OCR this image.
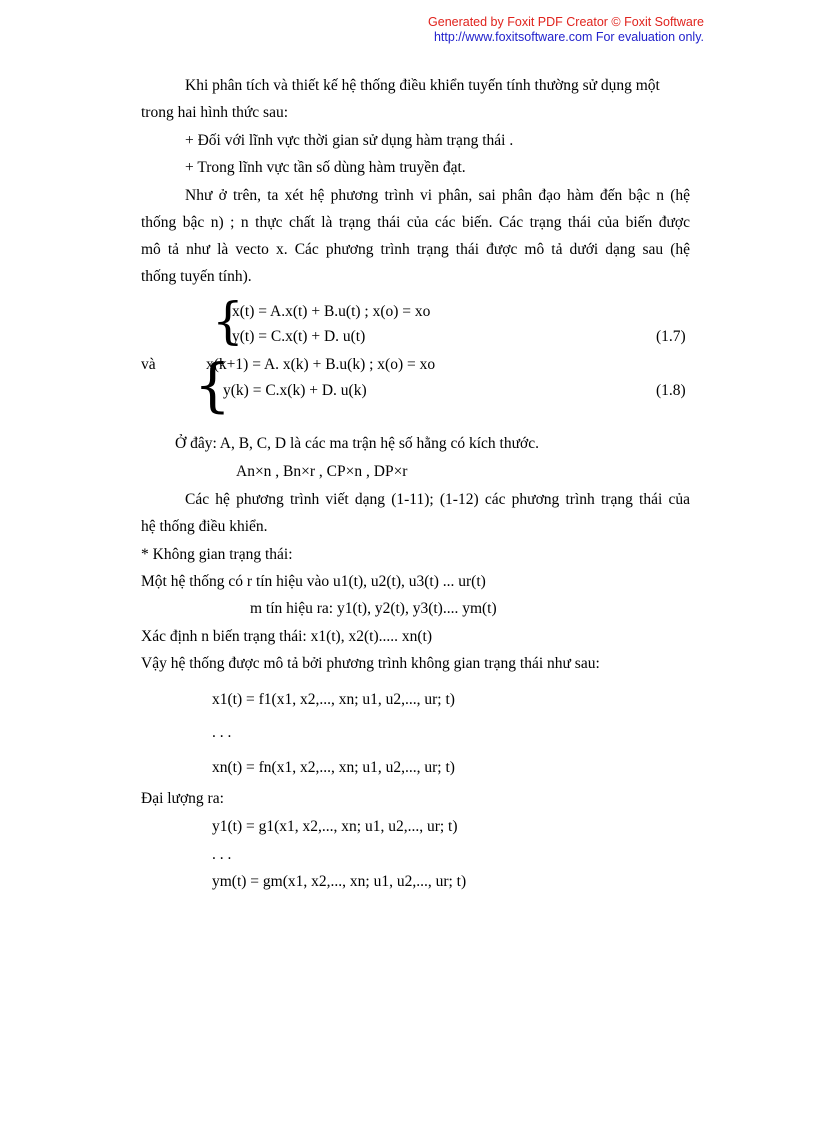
Generated by Foxit PDF Creator © Foxit Software
http://www.foxitsoftware.com For evaluation only.
Khi phân tích và thiết kế hệ thống điều khiển tuyến tính thường sử dụng một
trong hai hình thức sau:
+ Đối với lĩnh vực thời gian sử dụng hàm trạng thái .
+ Trong lĩnh vực tần số dùng hàm truyền đạt.
Như ở trên, ta xét hệ phương trình vi phân, sai phân đạo hàm đến bậc n (hệ
thống bậc n) ; n thực chất là trạng thái của các biến. Các trạng thái của biến được
mô tả như là vecto x. Các phương trình trạng thái được mô tả dưới dạng sau (hệ
thống tuyến tính).
{
x(t) = A.x(t) + B.u(t) ; x(o) = xo
y(t) = C.x(t) + D. u(t)	(1.7)
và {
x(k+1) = A. x(k) + B.u(k) ; x(o) = xo
y(k) = C.x(k) + D. u(k)	(1.8)
Ở đây: A, B, C, D là các ma trận hệ số hằng có kích thước.
An×n , Bn×r , CP×n , DP×r
Các hệ phương trình viết dạng (1-11); (1-12) các phương trình trạng thái của
hệ thống điều khiển.
* Không gian trạng thái:
Một hệ thống có r tín hiệu vào u1(t), u2(t), u3(t) ... ur(t)
m tín hiệu ra: y1(t), y2(t), y3(t).... ym(t)
Xác định n biến trạng thái: x1(t), x2(t)..... xn(t)
Vậy hệ thống được mô tả bởi phương trình không gian trạng thái như sau:
x1(t) = f1(x1, x2,..., xn; u1, u2,..., ur; t)
. . .
xn(t) = fn(x1, x2,..., xn; u1, u2,..., ur; t)
Đại lượng ra:
y1(t) = g1(x1, x2,..., xn; u1, u2,..., ur; t)
. . .
ym(t) = gm(x1, x2,..., xn; u1, u2,..., ur; t)
